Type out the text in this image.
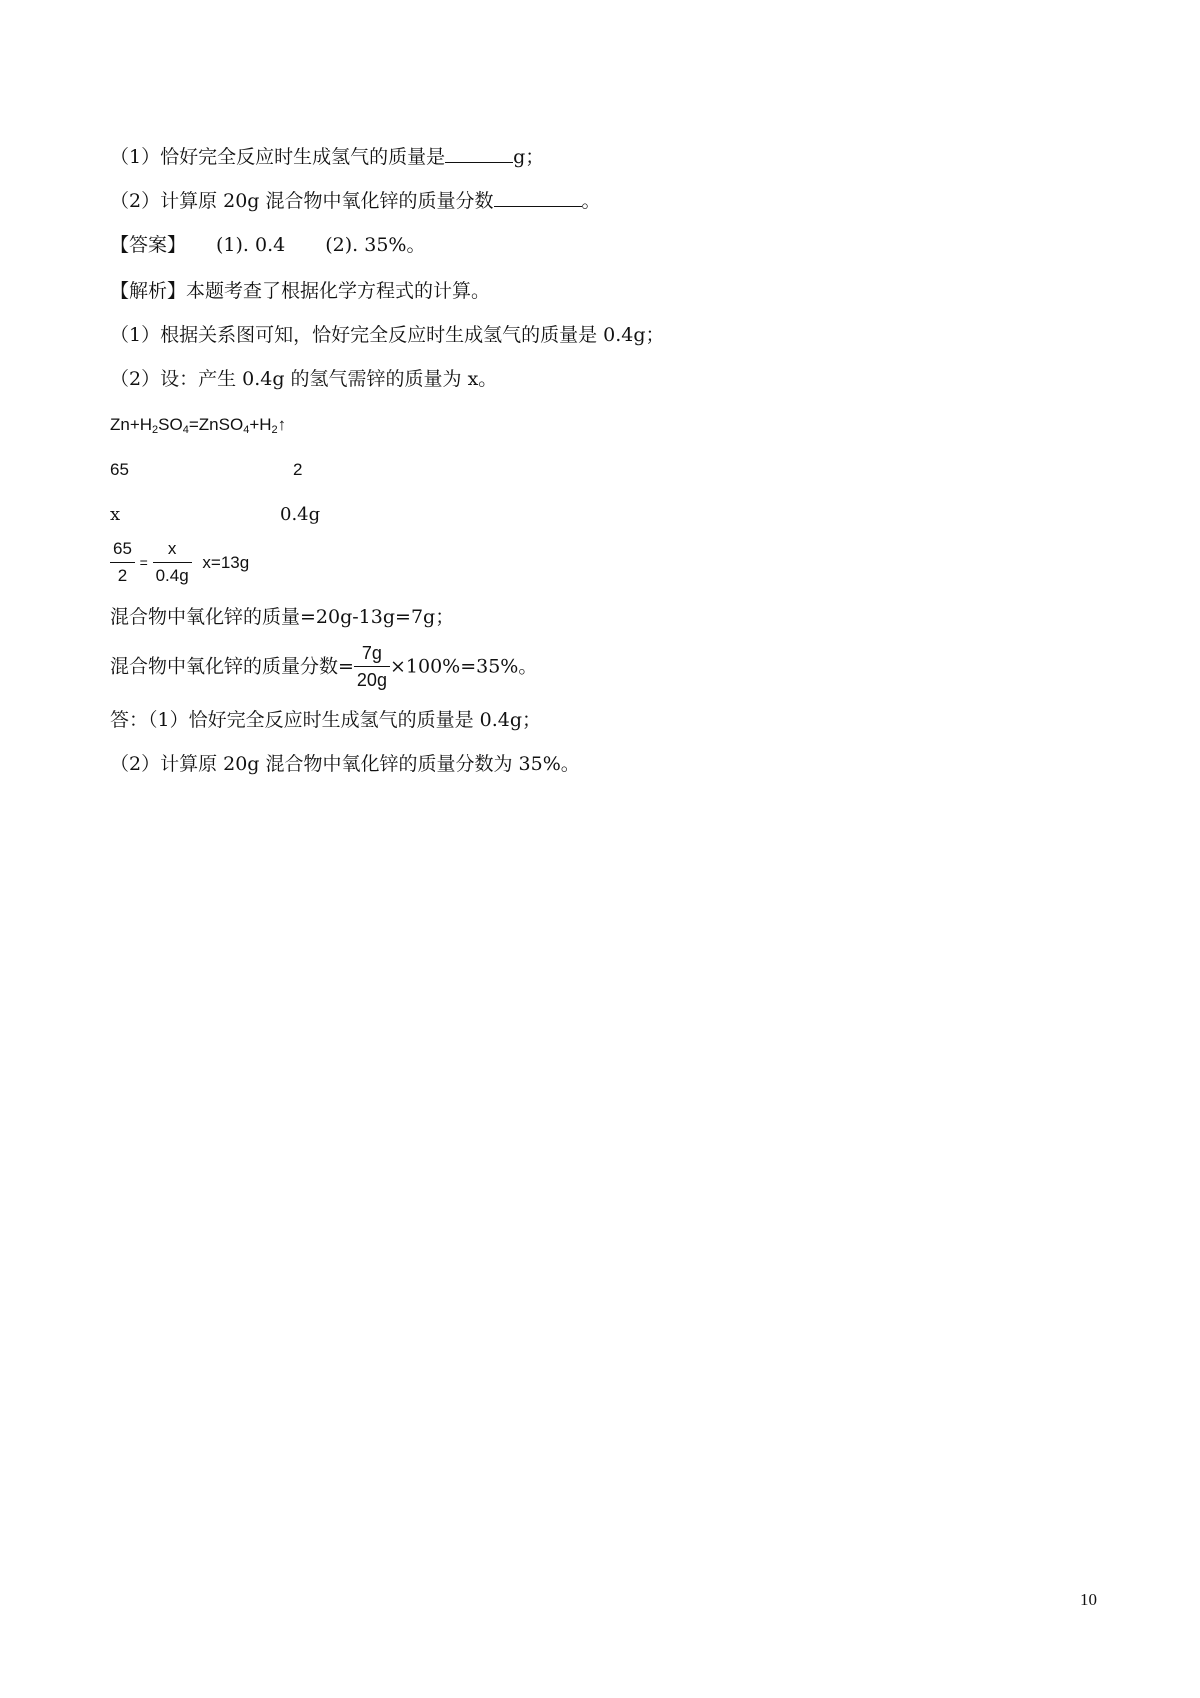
（1）恰好完全反应时生成氢气的质量是	g；
（2）计算原 20g 混合物中氧化锌的质量分数	。
【答案】 (1). 0.4 (2). 35%。
【解析】本题考查了根据化学方程式的计算。
（1）根据关系图可知，恰好完全反应时生成氢气的质量是 0.4g；
（2）设：产生 0.4g 的氢气需锌的质量为 x。
$Zn+H_2SO_4=ZnSO_4+H_2↑$
65	2
x	0.4g
$\frac{65}{2} = \frac{x}{0.4g} x=13g$
混合物中氧化锌的质量=20g-13g=7g；
混合物中氧化锌的质量分数= $\frac{7g}{20g} \times 100\%=35\%$。
答：（1）恰好完全反应时生成氢气的质量是 0.4g；
（2）计算原 20g 混合物中氧化锌的质量分数为 35%。
10
